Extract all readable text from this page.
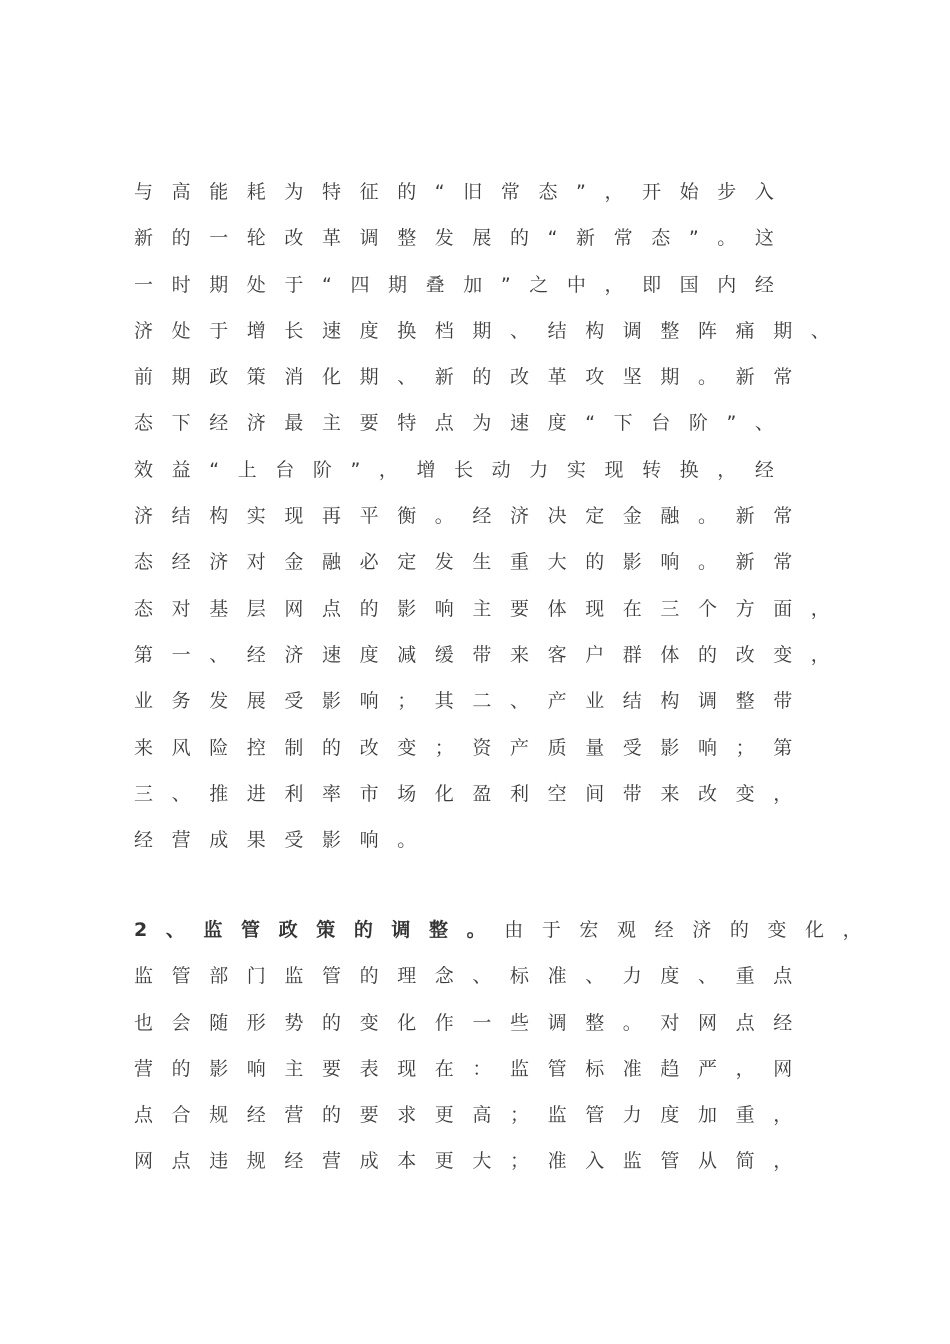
与高能耗为特征的“旧常态”，开始步入
新的一轮改革调整发展的“新常态”。这
一时期处于“四期叠加”之中，即国内经
济处于增长速度换档期、结构调整阵痛期、
前期政策消化期、新的改革攻坚期。新常
态下经济最主要特点为速度“下台阶”、
效益“上台阶”，增长动力实现转换，经
济结构实现再平衡。经济决定金融。新常
态经济对金融必定发生重大的影响。新常
态对基层网点的影响主要体现在三个方面，
第一、经济速度减缓带来客户群体的改变，
业务发展受影响；其二、产业结构调整带
来风险控制的改变；资产质量受影响；第
三、推进利率市场化盈利空间带来改变，
经营成果受影响。
2、监管政策的调整。由于宏观经济的变化，
监管部门监管的理念、标准、力度、重点
也会随形势的变化作一些调整。对网点经
营的影响主要表现在：监管标准趋严，网
点合规经营的要求更高；监管力度加重，
网点违规经营成本更大；准入监管从简，
